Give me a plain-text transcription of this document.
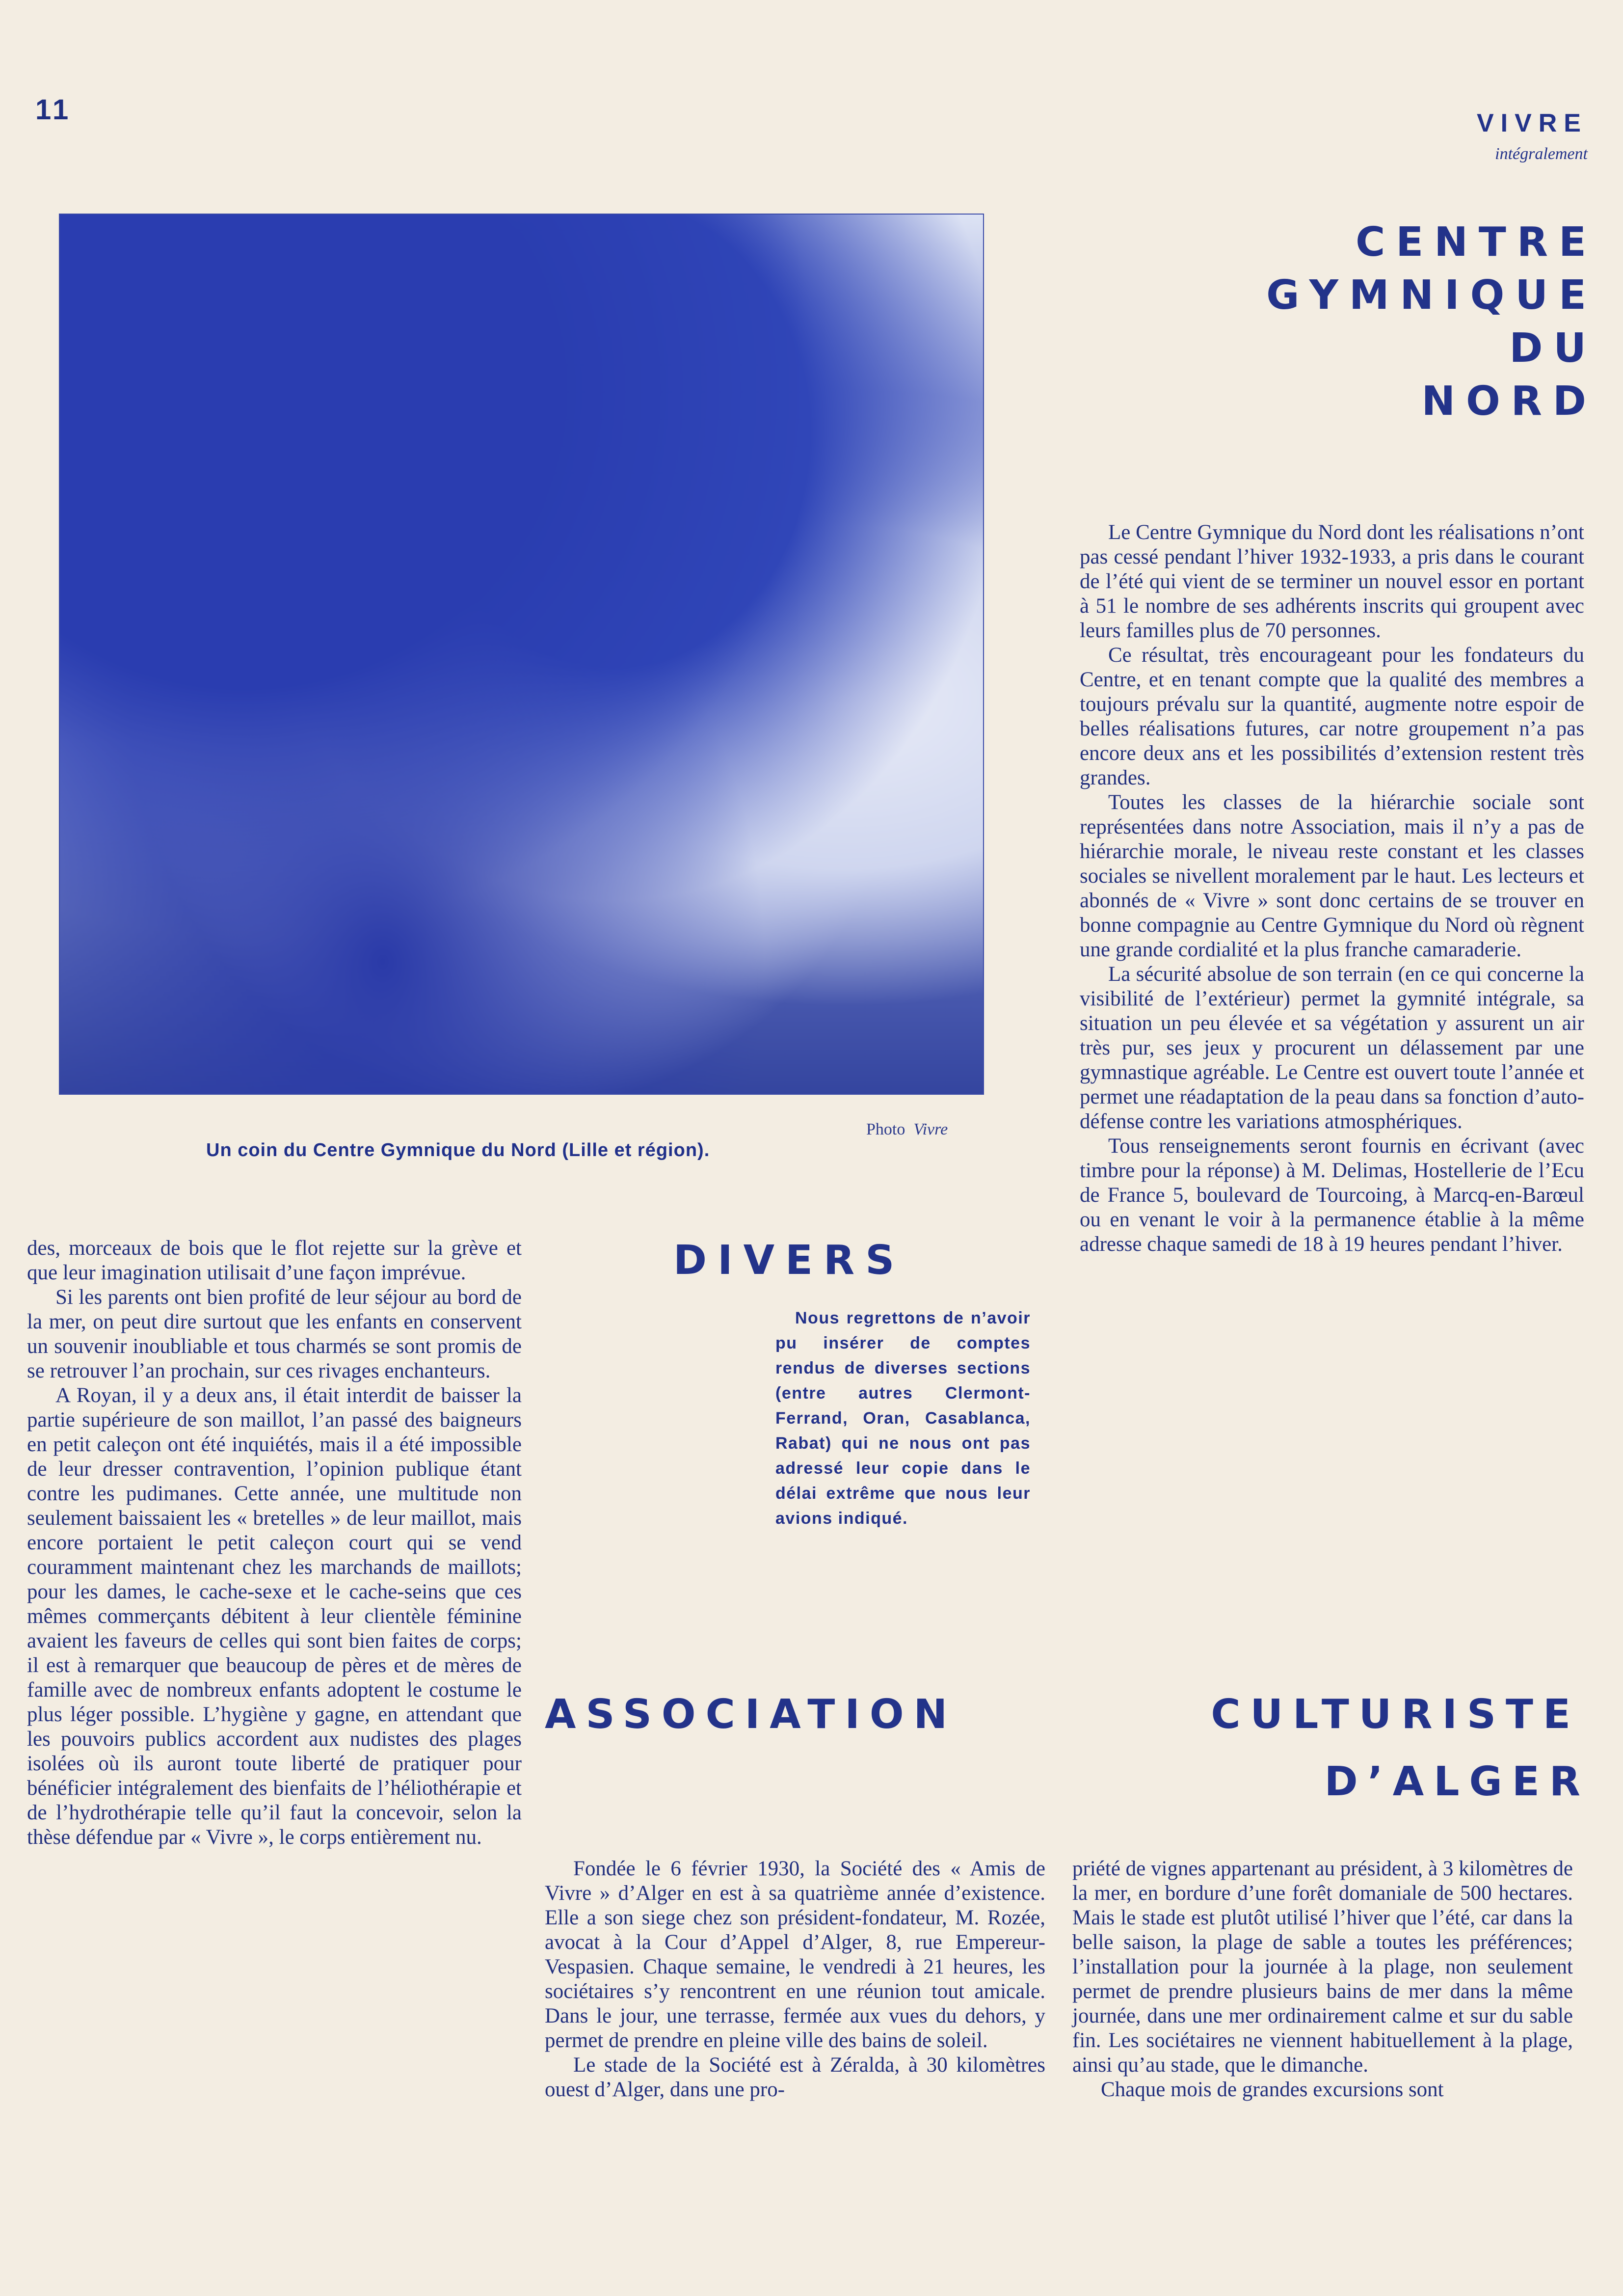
11	VIVRE
intégralement
Photo Vivre
Un coin du Centre Gymnique du Nord (Lille et région).
CENTRE
GYMNIQUE
DU
NORD

Le Centre Gymnique du Nord dont les réalisations n’ont pas cessé pendant l’hiver 1932-1933, a pris dans le courant de l’été qui vient de se terminer un nouvel essor en portant à 51 le nombre de ses adhérents inscrits qui groupent avec leurs familles plus de 70 personnes.

Ce résultat, très encourageant pour les fondateurs du Centre, et en tenant compte que la qualité des membres a toujours prévalu sur la quantité, augmente notre espoir de belles réalisations futures, car notre groupement n’a pas encore deux ans et les possibilités d’extension restent très grandes.

Toutes les classes de la hiérarchie sociale sont représentées dans notre Association, mais il n’y a pas de hiérarchie morale, le niveau reste constant et les classes sociales se nivellent moralement par le haut. Les lecteurs et abonnés de « Vivre » sont donc certains de se trouver en bonne compagnie au Centre Gymnique du Nord où règnent une grande cordialité et la plus franche camaraderie.

La sécurité absolue de son terrain (en ce qui concerne la visibilité de l’extérieur) permet la gymnité intégrale, sa situation un peu élevée et sa végétation y assurent un air très pur, ses jeux y procurent un délassement par une gymnastique agréable. Le Centre est ouvert toute l’année et permet une réadaptation de la peau dans sa fonction d’auto-défense contre les variations atmosphériques.

Tous renseignements seront fournis en écrivant (avec timbre pour la réponse) à M. Delimas, Hostellerie de l’Ecu de France 5, boulevard de Tourcoing, à Marcq-en-Barœul ou en venant le voir à la permanence établie à la même adresse chaque samedi de 18 à 19 heures pendant l’hiver.

des, morceaux de bois que le flot rejette sur la grève et que leur imagination utilisait d’une façon imprévue.

Si les parents ont bien profité de leur séjour au bord de la mer, on peut dire surtout que les enfants en conservent un souvenir inoubliable et tous charmés se sont promis de se retrouver l’an prochain, sur ces rivages enchanteurs.

A Royan, il y a deux ans, il était interdit de baisser la partie supérieure de son maillot, l’an passé des baigneurs en petit caleçon ont été inquiétés, mais il a été impossible de leur dresser contravention, l’opinion publique étant contre les pudimanes. Cette année, une multitude non seulement baissaient les « bretelles » de leur maillot, mais encore portaient le petit caleçon court qui se vend couramment maintenant chez les marchands de maillots; pour les dames, le cache-sexe et le cache-seins que ces mêmes commerçants débitent à leur clientèle féminine avaient les faveurs de celles qui sont bien faites de corps; il est à remarquer que beaucoup de pères et de mères de famille avec de nombreux enfants adoptent le costume le plus léger possible. L’hygiène y gagne, en attendant que les pouvoirs publics accordent aux nudistes des plages isolées où ils auront toute liberté de pratiquer pour bénéficier intégralement des bienfaits de l’héliothérapie et de l’hydrothérapie telle qu’il faut la concevoir, selon la thèse défendue par « Vivre », le corps entièrement nu.

DIVERS

Nous regrettons de n’avoir pu insérer de comptes rendus de diverses sections (entre autres Clermont-Ferrand, Oran, Casablanca, Rabat) qui ne nous ont pas adressé leur copie dans le délai extrême que nous leur avions indiqué.

ASSOCIATION	CULTURISTE
D’ALGER

Fondée le 6 février 1930, la Société des « Amis de Vivre » d’Alger en est à sa quatrième année d’existence. Elle a son siege chez son président-fondateur, M. Rozée, avocat à la Cour d’Appel d’Alger, 8, rue Empereur-Vespasien. Chaque semaine, le vendredi à 21 heures, les sociétaires s’y rencontrent en une réunion tout amicale. Dans le jour, une terrasse, fermée aux vues du dehors, y permet de prendre en pleine ville des bains de soleil.

Le stade de la Société est à Zéralda, à 30 kilomètres ouest d’Alger, dans une pro-

priété de vignes appartenant au président, à 3 kilomètres de la mer, en bordure d’une forêt domaniale de 500 hectares. Mais le stade est plutôt utilisé l’hiver que l’été, car dans la belle saison, la plage de sable a toutes les préférences; l’installation pour la journée à la plage, non seulement permet de prendre plusieurs bains de mer dans la même journée, dans une mer ordinairement calme et sur du sable fin. Les sociétaires ne viennent habituellement à la plage, ainsi qu’au stade, que le dimanche.

Chaque mois de grandes excursions sont
